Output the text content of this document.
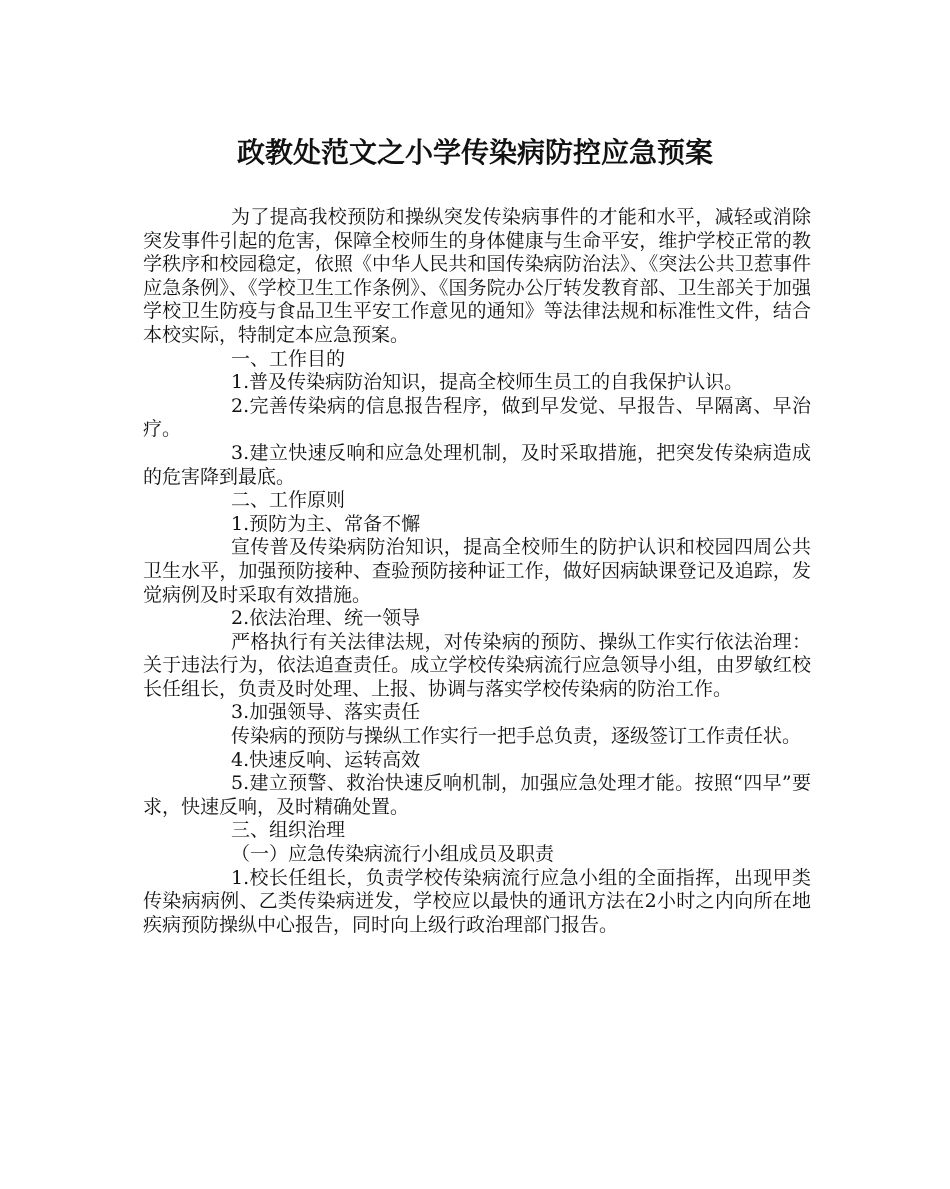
政教处范文之小学传染病防控应急预案

为了提高我校预防和操纵突发传染病事件的才能和水平，减轻或消除突发事件引起的危害，保障全校师生的身体健康与生命平安，维护学校正常的教学秩序和校园稳定，依照《中华人民共和国传染病防治法》、《突法公共卫惹事件应急条例》、《学校卫生工作条例》、《国务院办公厅转发教育部、卫生部关于加强学校卫生防疫与食品卫生平安工作意见的通知》等法律法规和标准性文件，结合本校实际，特制定本应急预案。

一、工作目的

1.普及传染病防治知识，提高全校师生员工的自我保护认识。

2.完善传染病的信息报告程序，做到早发觉、早报告、早隔离、早治疗。

3.建立快速反响和应急处理机制，及时采取措施，把突发传染病造成的危害降到最底。

二、工作原则

1.预防为主、常备不懈

宣传普及传染病防治知识，提高全校师生的防护认识和校园四周公共卫生水平，加强预防接种、查验预防接种证工作，做好因病缺课登记及追踪，发觉病例及时采取有效措施。

2.依法治理、统一领导

严格执行有关法律法规，对传染病的预防、操纵工作实行依法治理：关于违法行为，依法追查责任。成立学校传染病流行应急领导小组，由罗敏红校长任组长，负责及时处理、上报、协调与落实学校传染病的防治工作。

3.加强领导、落实责任

传染病的预防与操纵工作实行一把手总负责，逐级签订工作责任状。

4.快速反响、运转高效

5.建立预警、救治快速反响机制，加强应急处理才能。按照“四早”要求，快速反响，及时精确处置。

三、组织治理

（一）应急传染病流行小组成员及职责

1.校长任组长，负责学校传染病流行应急小组的全面指挥，出现甲类传染病病例、乙类传染病迸发，学校应以最快的通讯方法在2小时之内向所在地疾病预防操纵中心报告，同时向上级行政治理部门报告。
